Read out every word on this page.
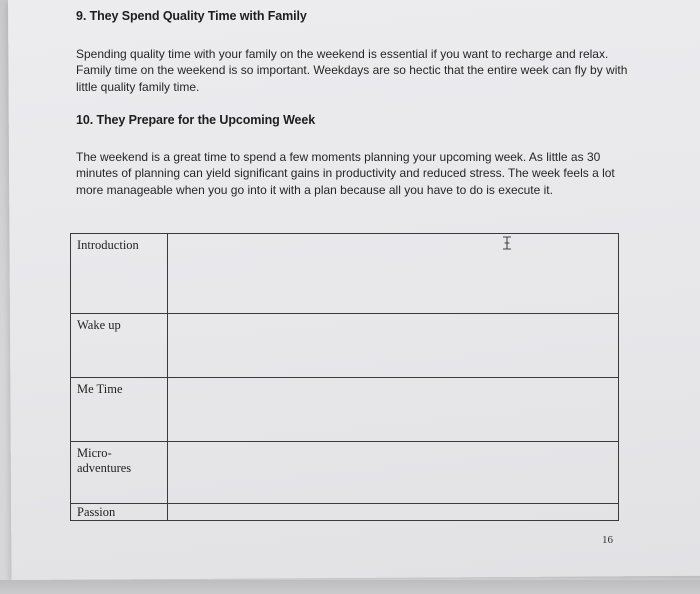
9. They Spend Quality Time with Family
Spending quality time with your family on the weekend is essential if you want to recharge and relax. Family time on the weekend is so important. Weekdays are so hectic that the entire week can fly by with little quality family time.
10. They Prepare for the Upcoming Week
The weekend is a great time to spend a few moments planning your upcoming week. As little as 30 minutes of planning can yield significant gains in productivity and reduced stress. The week feels a lot more manageable when you go into it with a plan because all you have to do is execute it.
Introduction	
Wake up	
Me Time	
Micro-adventures	
Passion	
16
